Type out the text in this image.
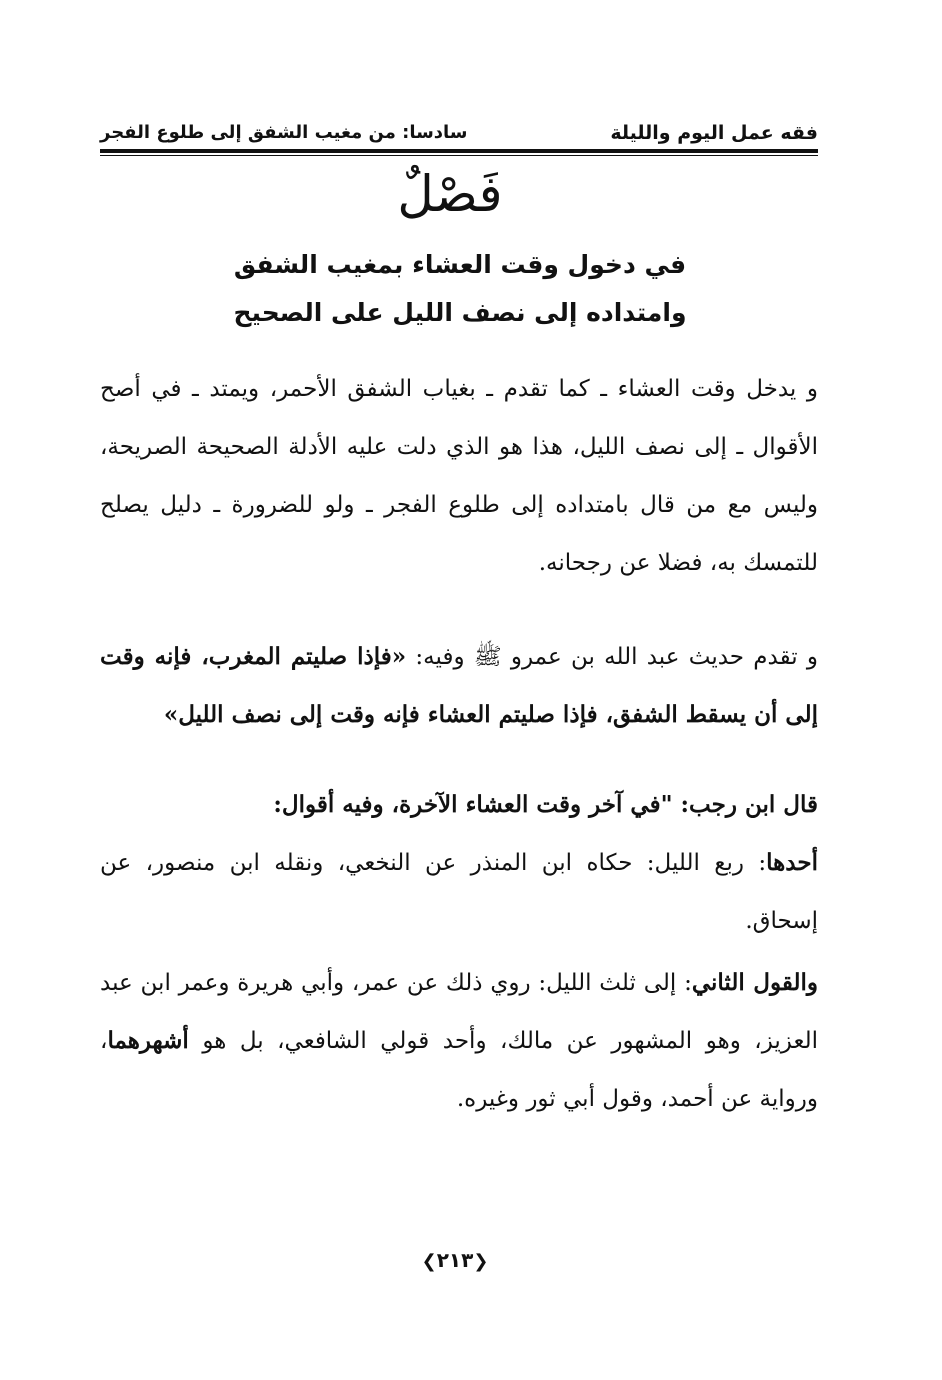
فقه عمل اليوم والليلة
سادسا: من مغيب الشفق إلى طلوع الفجر
فَصْلٌ
في دخول وقت العشاء بمغيب الشفق
وامتداده إلى نصف الليل على الصحيح
و يدخل وقت العشاء ـ كما تقدم ـ بغياب الشفق الأحمر، ويمتد ـ في أصح الأقوال ـ إلى نصف الليل، هذا هو الذي دلت عليه الأدلة الصحيحة الصريحة، وليس مع من قال بامتداده إلى طلوع الفجر ـ ولو للضرورة ـ دليل يصلح للتمسك به، فضلا عن رجحانه.
و تقدم حديث عبد الله بن عمرو ﷺ وفيه: «فإذا صليتم المغرب، فإنه وقت إلى أن يسقط الشفق، فإذا صليتم العشاء فإنه وقت إلى نصف الليل»
قال ابن رجب: "في آخر وقت العشاء الآخرة، وفيه أقوال:
أحدها: ربع الليل: حكاه ابن المنذر عن النخعي، ونقله ابن منصور، عن إسحاق.
والقول الثاني: إلى ثلث الليل: روي ذلك عن عمر، وأبي هريرة وعمر ابن عبد العزيز، وهو المشهور عن مالك، وأحد قولي الشافعي، بل هو أشهرهما، ورواية عن أحمد، وقول أبي ثور وغيره.
❮٢١٣❯
